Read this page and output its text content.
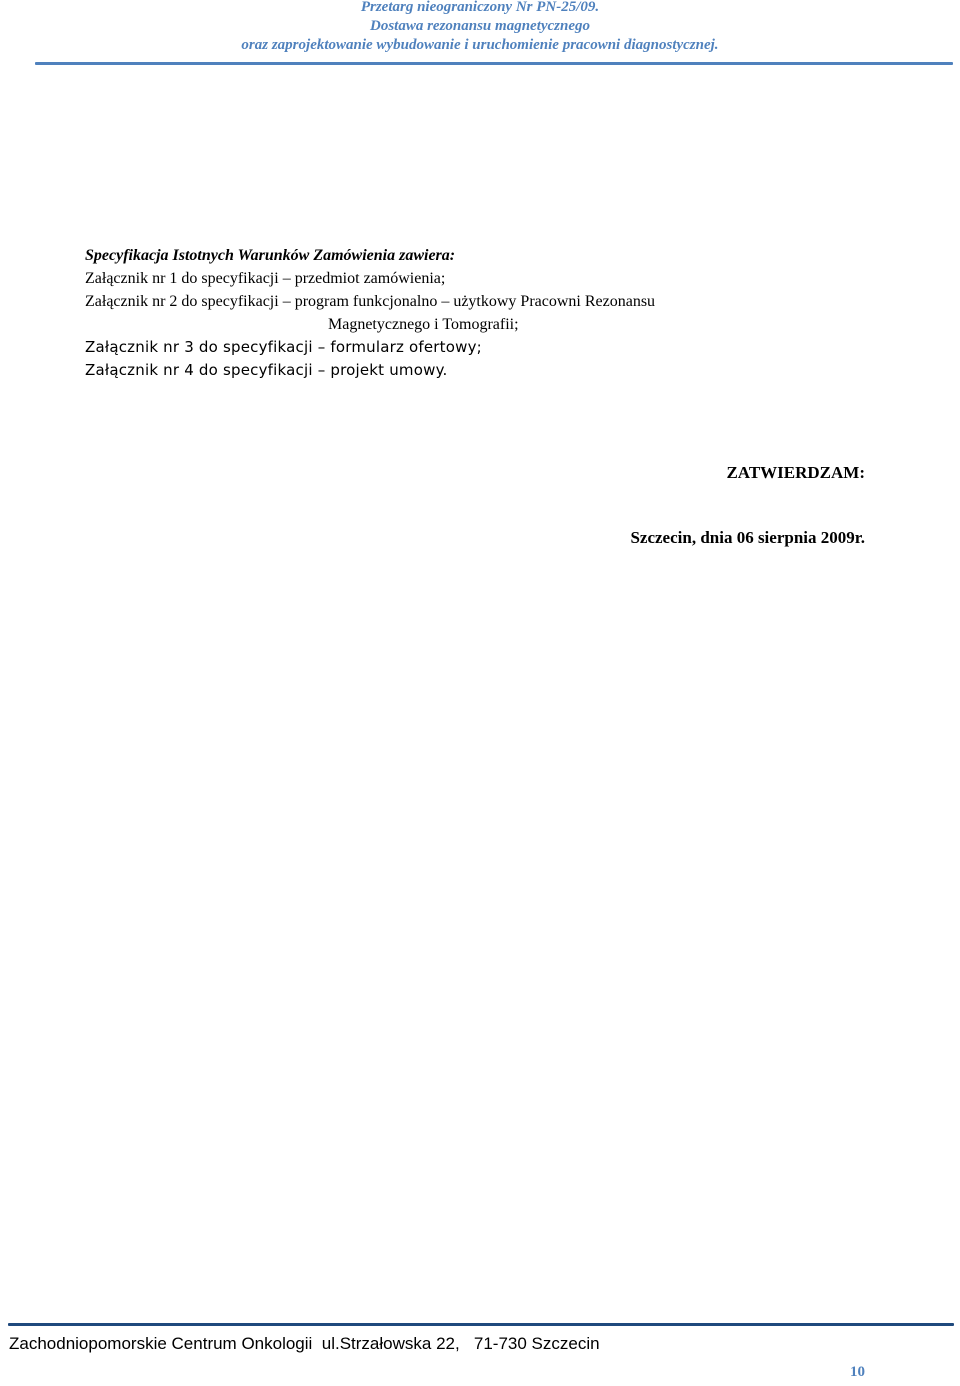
Przetarg nieograniczony Nr PN-25/09.
Dostawa rezonansu magnetycznego
oraz zaprojektowanie wybudowanie i uruchomienie pracowni diagnostycznej.
Specyfikacja Istotnych Warunków Zamówienia zawiera:
Załącznik nr 1 do specyfikacji – przedmiot zamówienia;
Załącznik nr 2 do specyfikacji – program funkcjonalno – użytkowy Pracowni Rezonansu
Magnetycznego i Tomografii;
Załącznik nr 3 do specyfikacji – formularz ofertowy;
Załącznik nr 4 do specyfikacji – projekt umowy.
ZATWIERDZAM:
Szczecin, dnia 06 sierpnia 2009r.
Zachodniopomorskie Centrum Onkologii  ul.Strzałowska 22,   71-730 Szczecin
10
